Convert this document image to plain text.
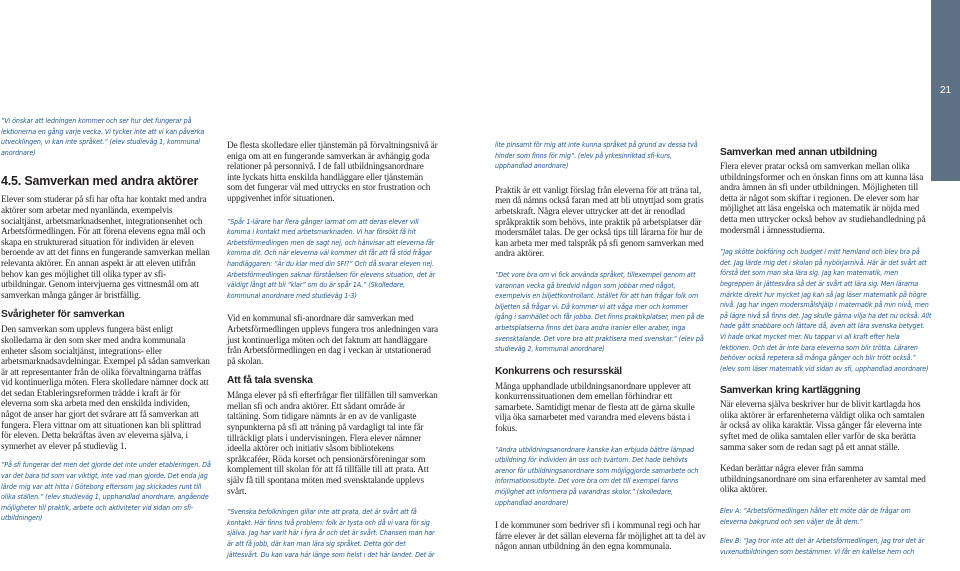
21

”Vi önskar att ledningen kommer och ser hur det fungerar på lektionerna en gång varje vecka. Vi tycker inte att vi kan påverka utvecklingen, vi kan inte språket.” (elev studieväg 1, kommunal anordnare)

4.5. Samverkan med andra aktörer

Elever som studerar på sfi har ofta har kontakt med andra aktörer som arbetar med nyanlända, exempelvis socialtjänst, arbetsmarknadsenhet, integrationsenhet och Arbetsförmedlingen. För att förena elevens egna mål och skapa en strukturerad situation för individen är eleven beroende av att det finns en fungerande samverkan mellan relevanta aktörer. En annan aspekt är att eleven utifrån behov kan ges möjlighet till olika typer av sfi-utbildningar. Genom intervjuerna ges vittnesmål om att samverkan många gånger är bristfällig.

Svårigheter för samverkan

Den samverkan som upplevs fungera bäst enligt skolledarna är den som sker med andra kommunala enheter såsom socialtjänst, integrations- eller arbetsmarknadsavdelningar. Exempel på sådan samverkan är att representanter från de olika förvaltningarna träffas vid kontinuerliga möten. Flera skolledare nämner dock att det sedan Etableringsreformen trädde i kraft är för eleverna som ska arbeta med den enskilda individen, något de anser har gjort det svårare att få samverkan att fungera. Flera vittnar om att situationen kan bli splittrad för eleven. Detta bekräftas även av eleverna själva, i synnerhet av elever på studieväg 1.

”På sfi fungerar det men det gjorde det inte under etableringen. Då var det bara tid som var viktigt, inte vad man gjorde. Det enda jag lärde mig var att hitta i Göteborg eftersom jag skickades runt till olika ställen.” (elev studieväg 1, upphandlad anordnare, angående möjligheter till praktik, arbete och aktiviteter vid sidan om sfi-utbildningen)

De flesta skolledare eller tjänstemän på förvaltningsnivå är eniga om att en fungerande samverkan är avhängig goda relationer på personnivå. I de fall utbildningsanordnare inte lyckats hitta enskilda handläggare eller tjänstemän som det fungerar väl med uttrycks en stor frustration och uppgivenhet inför situationen.

”Spår 1-lärare har flera gånger larmat om att deras elever vill komma i kontakt med arbetsmarknaden. Vi har försökt få hit Arbetsförmedlingen men de sagt nej, och hänvisar att eleverna får komma dit. Och när eleverna väl kommer dit får att få stöd frågar handläggaren: ”Är du klar med din SFI?” Och då svarar eleven nej. Arbetsförmedlingen saknar förståelsen för elevens situation, det är väldigt långt att bli ”klar” om du är spår 1A.” (Skolledare, kommunal anordnare med studieväg 1-3)

Vid en kommunal sfi-anordnare där samverkan med Arbetsförmedlingen upplevs fungera tros anledningen vara just kontinuerliga möten och det faktum att handläggare från Arbetsförmedlingen en dag i veckan är utstationerad på skolan.

Att få tala svenska

Många elever på sfi efterfrågar fler tillfällen till samverkan mellan sfi och andra aktörer. Ett sådant område är taltäning. Som tidigare nämnts är en av de vanligaste synpunkterna på sfi att träning på vardagligt tal inte får tillräckligt plats i undervisningen. Flera elever nämner ideella aktörer och initiativ såsom bibliotekens språkcaféer, Röda korset och pensionärsföreningar som komplement till skolan för att få tillfälle till att prata. Att själv få till spontana möten med svensktalande upplevs svårt.

”Svenska befolkningen gillar inte att prata, det är svårt att få kontakt. Här finns två problem: folk är tysta och då vi vara för sig själva. Jag har varit här i fyra år och det är svårt. Chansen man har är att få jobb, där kan man lära sig språket. Detta gör det jättesvårt. Du kan vara här länge som helst i det här landet. Det är

lite pinsamt för mig att inte kunna språket på grund av dessa två hinder som finns för mig”. (elev på yrkesinriktad sfi-kurs, upphandlad anordnare)

Praktik är ett vanligt förslag från eleverna för att träna tal, men då nämns också faran med att bli utnyttjad som gratis arbetskraft. Några elever uttrycker att det är renodlad språkpraktik som behövs, inte praktik på arbetsplatser där modersmålet talas. De ger också tips till lärarna för hur de kan arbeta mer med talspråk på sfi genom samverkan med andra aktörer.

”Det vore bra om vi fick använda språket, tillexempel genom att varannan vecka gå bredvid någon som jobbar med något, exempelvis en biljettkontrollant. Istället för att han frågar folk om biljetten så frågar vi. Då kommer vi att våga mer och kommer igång i samhället och får jobba. Det finns praktikplatser, men på de arbetsplatserna finns det bara andra iranier eller araber, inga svensktalande. Det vore bra att praktisera med svenskar.” (elev på studieväg 2, kommunal anordnare)

Konkurrens och resursskäl

Många upphandlade utbildningsanordnare upplever att konkurrenssituationen dem emellan förhindrar ett samarbete. Samtidigt menar de flesta att de gärna skulle vilja öka samarbetet med varandra med elevens bästa i fokus.

”Andra utbildningsanordnare kanske kan erbjuda bättre lämpad utbildning för individen än oss och tvärtom. Det hade behövts arenor för utbildningsanordnare som möjliggjorde samarbete och informationsutbyte. Det vore bra om det till exempel fanns möjlighet att informera på varandras skolor.” (skolledare, upphandlad anordnare)

I de kommuner som bedriver sfi i kommunal regi och har färre elever är det sällan eleverna får möjlighet att ta del av någon annan utbildning än den egna kommunala.

Samverkan med annan utbildning

Flera elever pratar också om samverkan mellan olika utbildningsformer och en önskan finns om att kunna läsa andra ämnen än sfi under utbildningen. Möjligheten till detta är något som skiftar i regionen. De elever som har möjlighet att läsa engelska och matematik är nöjda med detta men uttrycker också behov av studiehandledning på modersmål i ämnesstudierna.

”Jag skötte bokföring och budget i mitt hemland och blev bra på det. Jag lärde mig det i skolan på nybörjarnivå. Här är det svårt att förstå det som man ska lära sig. Jag kan matematik, men begreppen är jättesvåra så det är svårt att lära sig. Men lärarna märkte direkt hur mycket jag kan så jag läser matematik på högre nivå. Jag har ingen modersmålshjälp i matematik på min nivå, men på lägre nivå så finns det. Jag skulle gärna vilja ha det nu också. Allt hade gått snabbare och lättare då, även att lära svenska betyget. Vi hade orkat mycket mer. Nu tappar vi all kraft efter hela lektionen. Och det är inte bara eleverna som blir trötta. Läraren behöver också repetera så många gånger och blir trött också.” (elev som läser matematik vid sidan av sfi, upphandlad anordnare)

Samverkan kring kartläggning

När eleverna själva beskriver hur de blivit kartlagda hos olika aktörer är erfarenheterna väldigt olika och samtalen är också av olika karaktär. Vissa gånger får eleverna inte syftet med de olika samtalen eller varför de ska berätta samma saker som de redan sagt på ett annat ställe.

Kedan berättar några elever från samma utbildningsanordnare om sina erfarenheter av samtal med olika aktörer.

Elev A: ”Arbetsförmedlingen håller ett möte där de frågar om eleverna bakgrund och sen väljer de åt dem.”

Elev B: ”Jag tror inte att det är Arbetsförmedlingen, jag tror det är vuxenutbildningen som bestämmer. Vi får en kallelse hem och
